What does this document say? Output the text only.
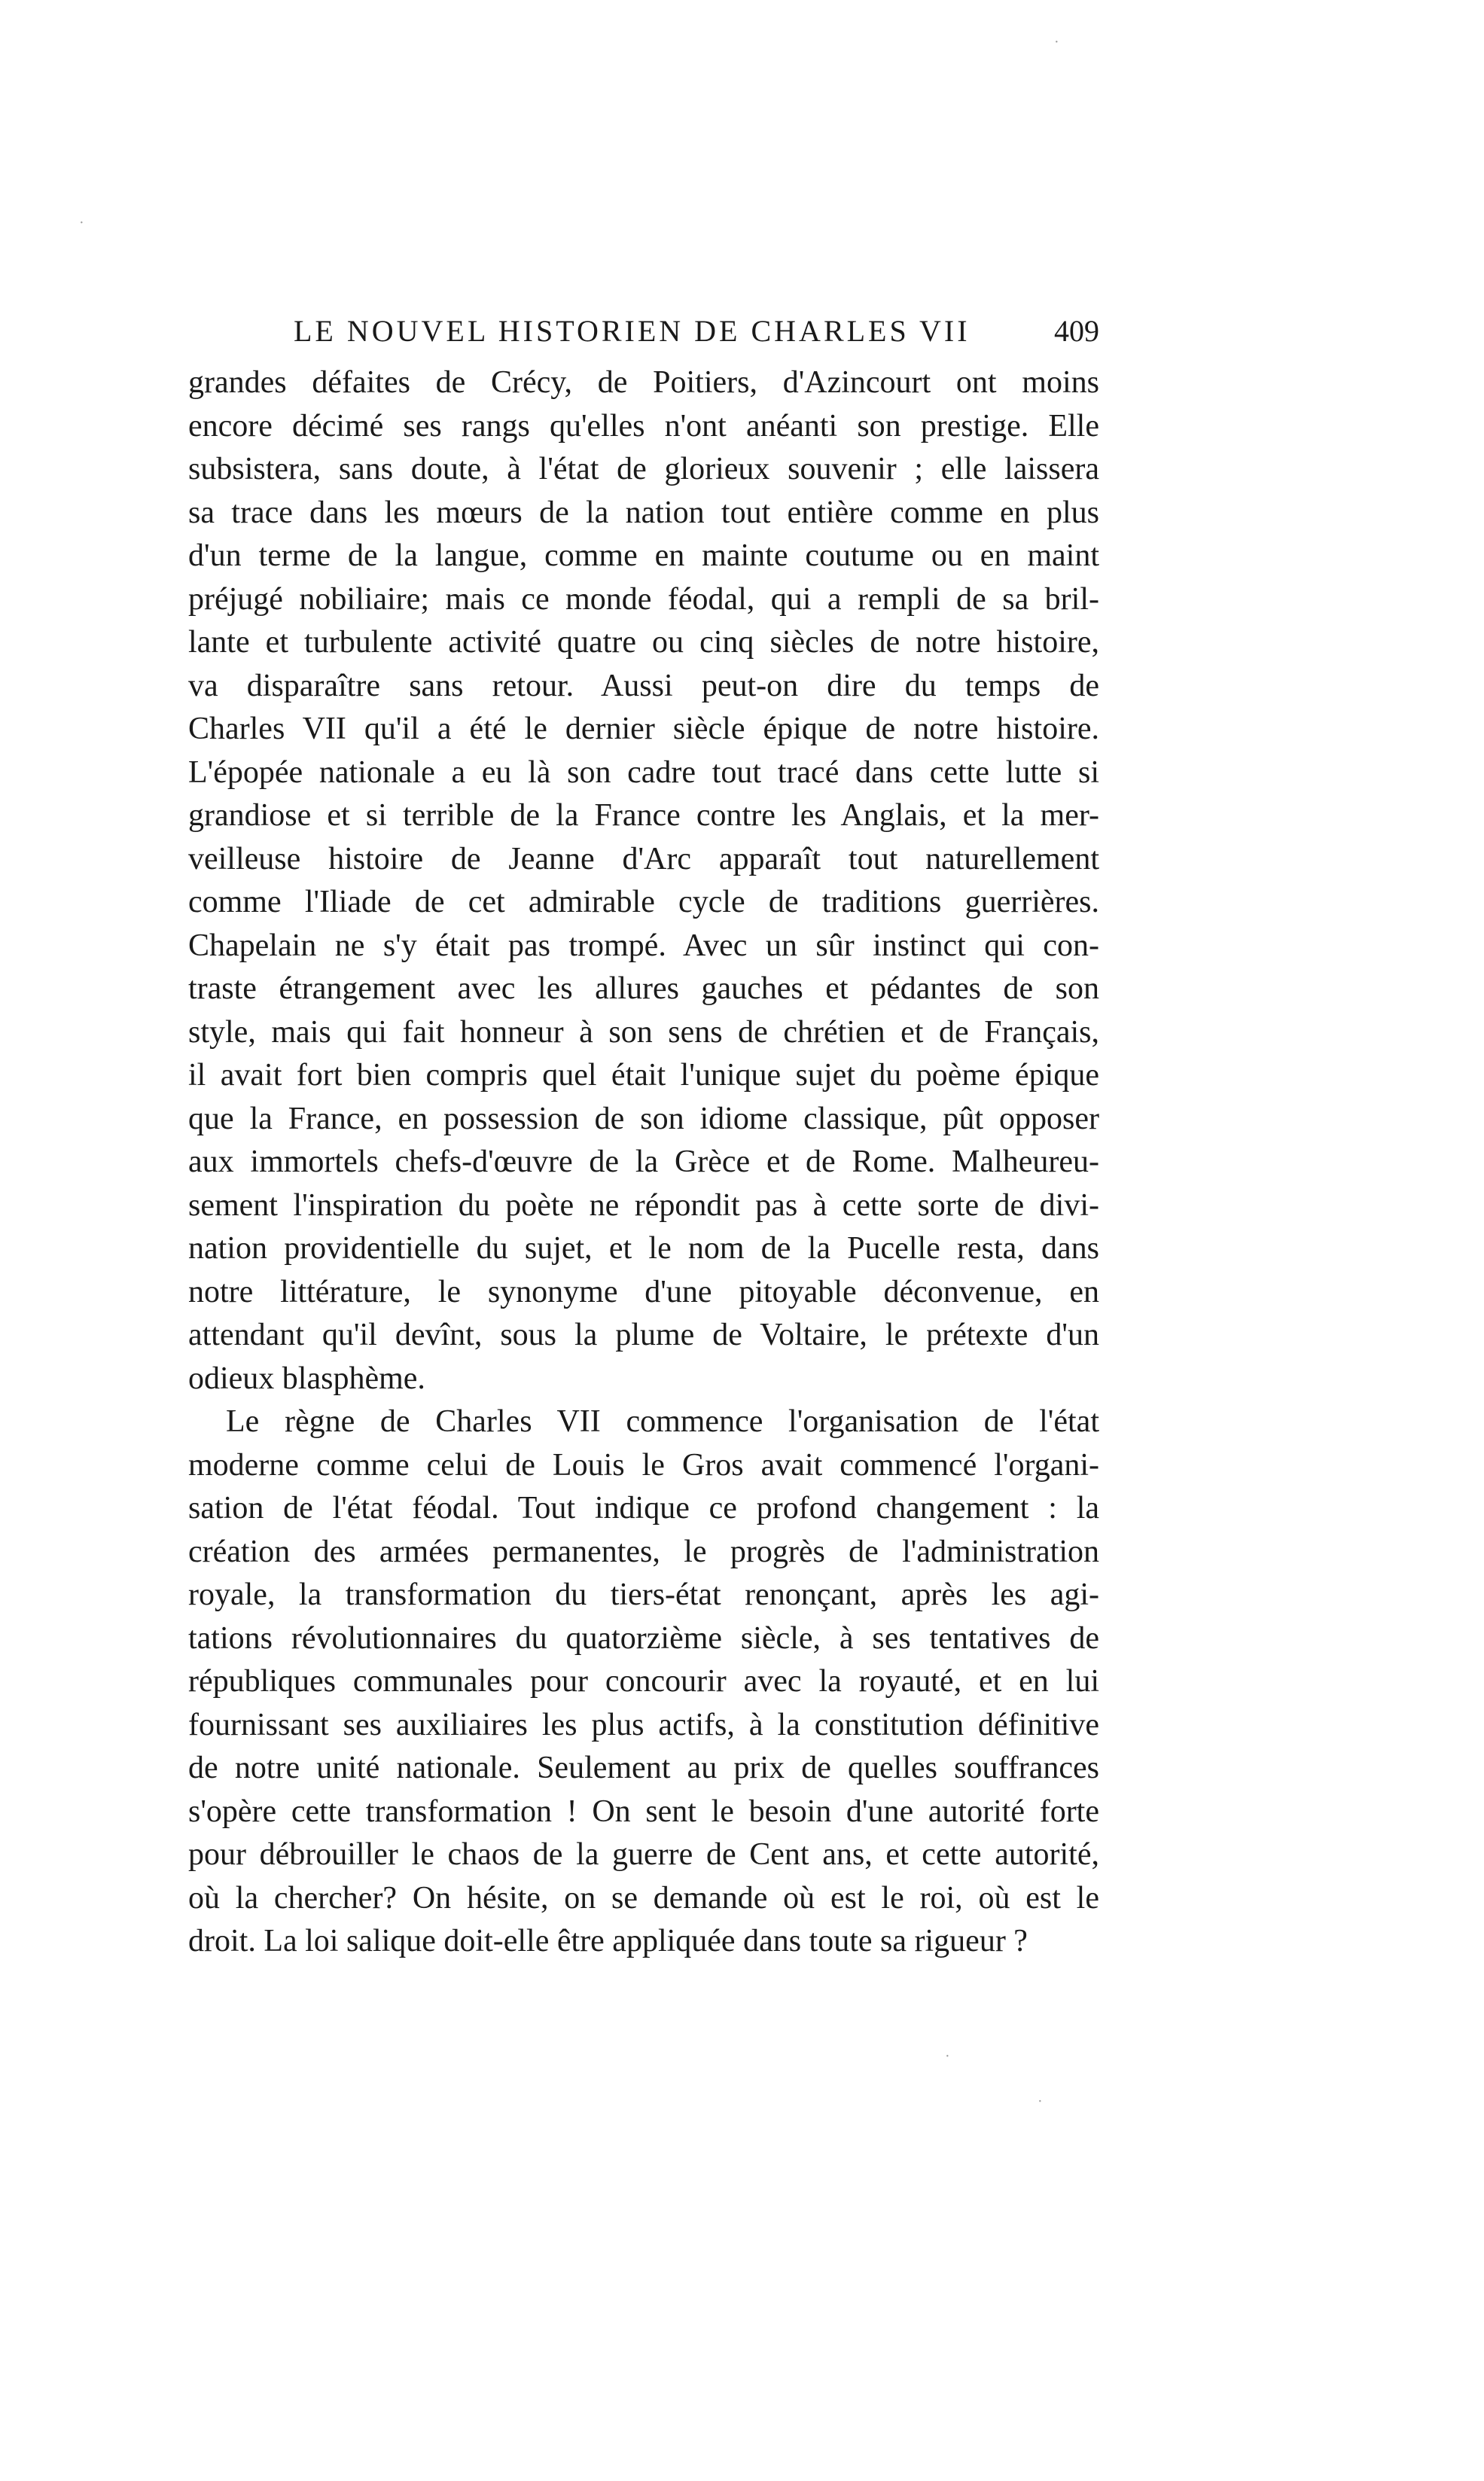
·
·
·
·
LE NOUVEL HISTORIEN DE CHARLES VII	409
grandes défaites de Crécy, de Poitiers, d'Azincourt ont moins
encore décimé ses rangs qu'elles n'ont anéanti son prestige. Elle
subsistera, sans doute, à l'état de glorieux souvenir ; elle laissera
sa trace dans les mœurs de la nation tout entière comme en plus
d'un terme de la langue, comme en mainte coutume ou en maint
préjugé nobiliaire; mais ce monde féodal, qui a rempli de sa bril-
lante et turbulente activité quatre ou cinq siècles de notre histoire,
va disparaître sans retour. Aussi peut-on dire du temps de
Charles VII qu'il a été le dernier siècle épique de notre histoire.
L'épopée nationale a eu là son cadre tout tracé dans cette lutte si
grandiose et si terrible de la France contre les Anglais, et la mer-
veilleuse histoire de Jeanne d'Arc apparaît tout naturellement
comme l'Iliade de cet admirable cycle de traditions guerrières.
Chapelain ne s'y était pas trompé. Avec un sûr instinct qui con-
traste étrangement avec les allures gauches et pédantes de son
style, mais qui fait honneur à son sens de chrétien et de Français,
il avait fort bien compris quel était l'unique sujet du poème épique
que la France, en possession de son idiome classique, pût opposer
aux immortels chefs-d'œuvre de la Grèce et de Rome. Malheureu-
sement l'inspiration du poète ne répondit pas à cette sorte de divi-
nation providentielle du sujet, et le nom de la Pucelle resta, dans
notre littérature, le synonyme d'une pitoyable déconvenue, en
attendant qu'il devînt, sous la plume de Voltaire, le prétexte d'un
odieux blasphème.
Le règne de Charles VII commence l'organisation de l'état
moderne comme celui de Louis le Gros avait commencé l'organi-
sation de l'état féodal. Tout indique ce profond changement : la
création des armées permanentes, le progrès de l'administration
royale, la transformation du tiers-état renonçant, après les agi-
tations révolutionnaires du quatorzième siècle, à ses tentatives de
républiques communales pour concourir avec la royauté, et en lui
fournissant ses auxiliaires les plus actifs, à la constitution définitive
de notre unité nationale. Seulement au prix de quelles souffrances
s'opère cette transformation ! On sent le besoin d'une autorité forte
pour débrouiller le chaos de la guerre de Cent ans, et cette autorité,
où la chercher? On hésite, on se demande où est le roi, où est le
droit. La loi salique doit-elle être appliquée dans toute sa rigueur ?
